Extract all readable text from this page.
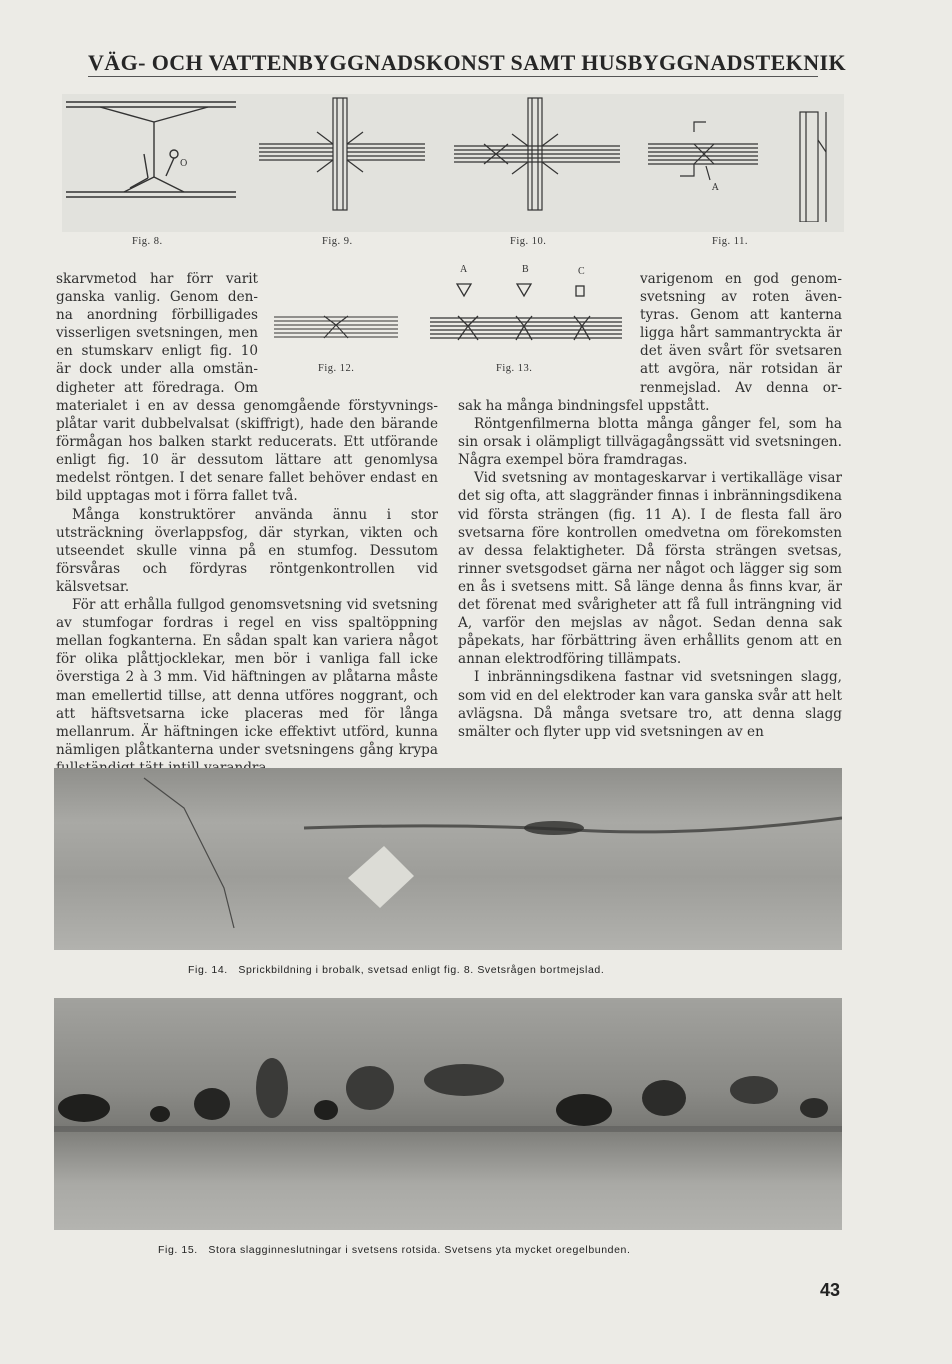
VÄG- OCH VATTENBYGGNADSKONST SAMT HUSBYGGNADSTEKNIK
O
A
Fig. 8.	Fig. 9.	Fig. 10.	Fig. 11.
Fig. 12.
A	B	C
Fig. 13.
skarvmetod har förr varit
ganska vanlig. Genom den-
na anordning förbilligades
visserligen svetsningen, men
en stumskarv enligt fig. 10
är dock under alla omstän-
digheter att föredraga. Om

materialet i en av dessa genomgående förstyvnings-plåtar varit dubbelvalsat (skiffrigt), hade den bärande förmågan hos balken starkt reducerats. Ett utförande enligt fig. 10 är dessutom lättare att genomlysa medelst röntgen. I det senare fallet behöver endast en bild upptagas mot i förra fallet två.

Många konstruktörer använda ännu i stor utsträckning överlappsfog, där styrkan, vikten och utseendet skulle vinna på en stumfog. Dessutom försvåras och fördyras röntgenkontrollen vid kälsvetsar.

För att erhålla fullgod genomsvetsning vid svetsning av stumfogar fordras i regel en viss spaltöppning mellan fogkanterna. En sådan spalt kan variera något för olika plåttjocklekar, men bör i vanliga fall icke överstiga 2 à 3 mm. Vid häftningen av plåtarna måste man emellertid tillse, att denna utföres noggrant, och att häftsvetsarna icke placeras med för långa mellanrum. Är häftningen icke effektivt utförd, kunna nämligen plåtkanterna under svetsningens gång krypa

varigenom en god genom-
svetsning av roten även-
tyras. Genom att kanterna
ligga hårt sammantryckta är
det även svårt för svetsaren
att avgöra, när rotsidan är
renmejslad. Av denna or-

sak ha många bindningsfel uppstått.

Röntgenfilmerna blotta många gånger fel, som ha sin orsak i olämpligt tillvägagångssätt vid svetsningen. Några exempel böra framdragas.

Vid svetsning av montageskarvar i vertikalläge visar det sig ofta, att slaggränder finnas i inbränningsdikena vid första strängen (fig. 11 A). I de flesta fall äro svetsarna före kontrollen omedvetna om förekomsten av dessa felaktigheter. Då första strängen svetsas, rinner svetsgodset gärna ner något och lägger sig som en ås i svetsens mitt. Så länge denna ås finns kvar, är det förenat med svårigheter att få full inträngning vid A, varför den mejslas av något. Sedan denna sak påpekats, har förbättring även erhållits genom att en annan elektrodföring tillämpats.

I inbränningsdikena fastnar vid svetsningen slagg, som vid en del elektroder kan vara ganska svår att helt avlägsna. Då många svetsare tro, att denna slagg smälter och flyter upp vid svetsningen av en

Fig. 14. Sprickbildning i brobalk, svetsad enligt fig. 8. Svetsrågen bortmejslad.
Fig. 15. Stora slagginneslutningar i svetsens rotsida. Svetsens yta mycket oregelbunden.
43
